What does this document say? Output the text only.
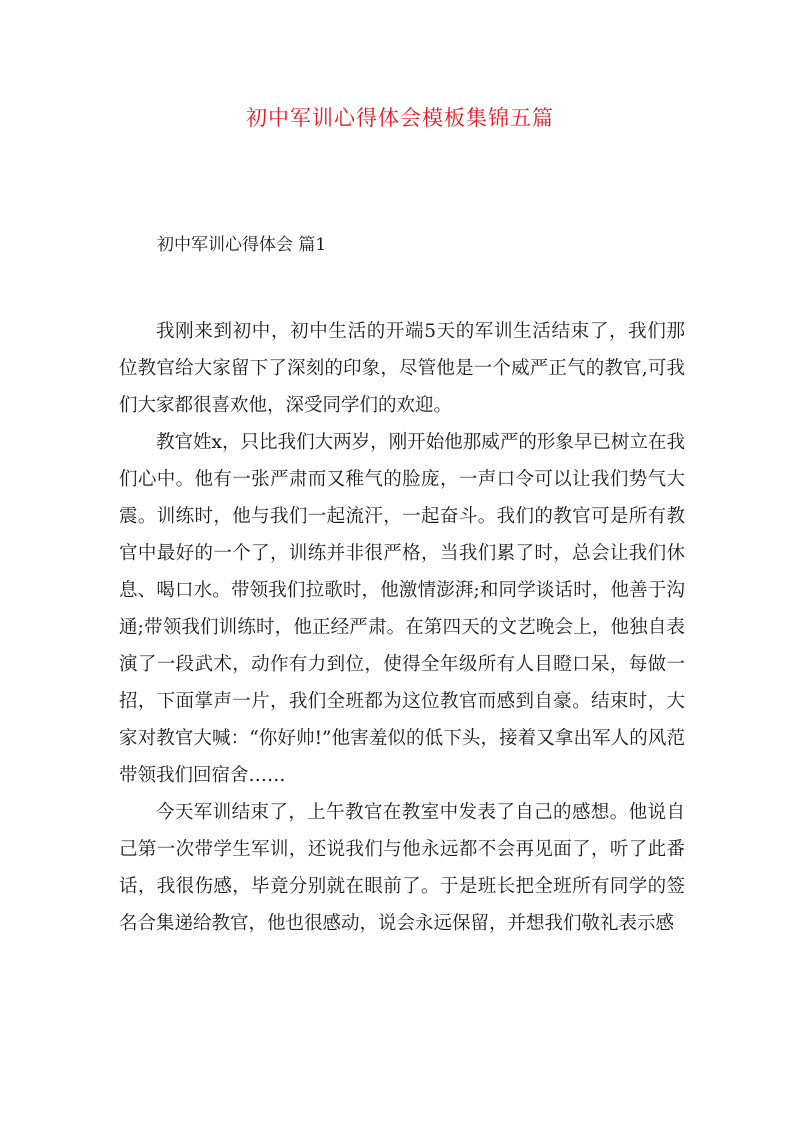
初中军训心得体会模板集锦五篇
初中军训心得体会 篇1

我刚来到初中，初中生活的开端5天的军训生活结束了，我们那位教官给大家留下了深刻的印象，尽管他是一个威严正气的教官,可我们大家都很喜欢他，深受同学们的欢迎。

教官姓x，只比我们大两岁，刚开始他那威严的形象早已树立在我们心中。他有一张严肃而又稚气的脸庞，一声口令可以让我们势气大震。训练时，他与我们一起流汗，一起奋斗。我们的教官可是所有教官中最好的一个了，训练并非很严格，当我们累了时，总会让我们休息、喝口水。带领我们拉歌时，他激情澎湃;和同学谈话时，他善于沟通;带领我们训练时，他正经严肃。在第四天的文艺晚会上，他独自表演了一段武术，动作有力到位，使得全年级所有人目瞪口呆，每做一招，下面掌声一片，我们全班都为这位教官而感到自豪。结束时，大家对教官大喊：“你好帅!”他害羞似的低下头，接着又拿出军人的风范带领我们回宿舍……

今天军训结束了，上午教官在教室中发表了自己的感想。他说自己第一次带学生军训，还说我们与他永远都不会再见面了，听了此番话，我很伤感，毕竟分别就在眼前了。于是班长把全班所有同学的签名合集递给教官，他也很感动，说会永远保留，并想我们敬礼表示感
